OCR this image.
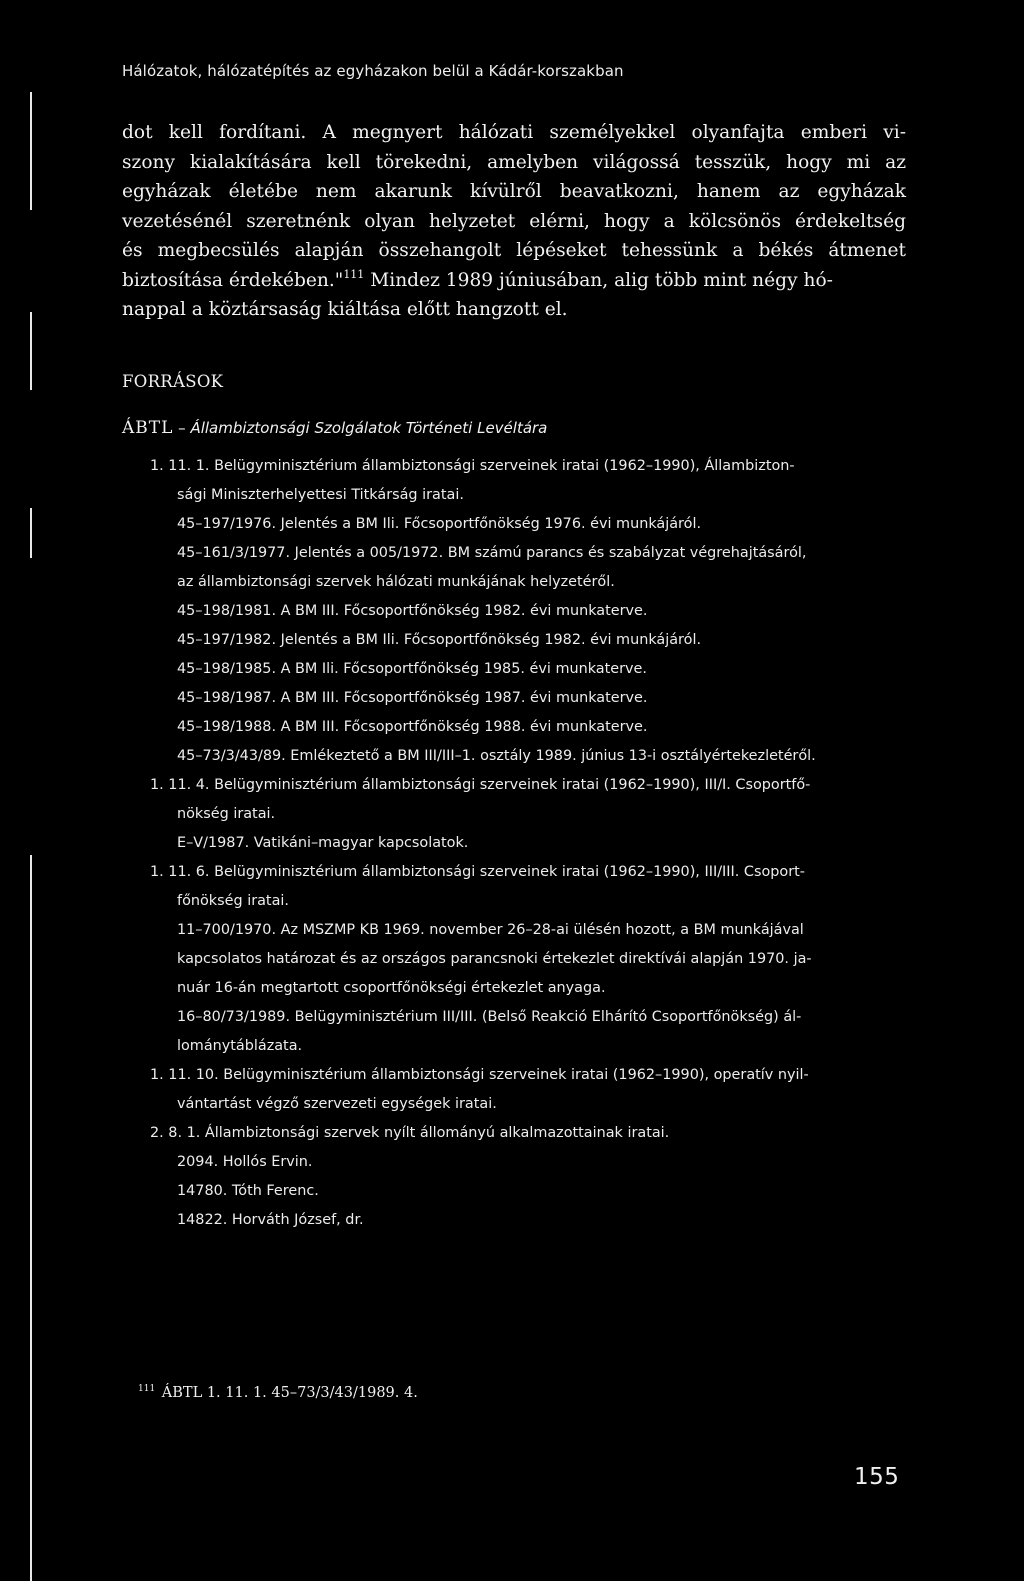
Hálózatok, hálózatépítés az egyházakon belül a Kádár-korszakban
dot kell fordítani. A megnyert hálózati személyekkel olyanfajta emberi vi-
szony kialakítására kell törekedni, amelyben világossá tesszük, hogy mi az
egyházak életébe nem akarunk kívülről beavatkozni, hanem az egyházak
vezetésénél szeretnénk olyan helyzetet elérni, hogy a kölcsönös érdekeltség
és megbecsülés alapján összehangolt lépéseket tehessünk a békés átmenet
biztosítása érdekében."$^{111}$ Mindez 1989 júniusában, alig több mint négy hó-
nappal a köztársaság kiáltása előtt hangzott el.
FORRÁSOK
ÁBTL – Állambiztonsági Szolgálatok Történeti Levéltára
1. 11. 1. Belügyminisztérium állambiztonsági szerveinek iratai (1962–1990), Állambizton-
sági Miniszterhelyettesi Titkárság iratai.
45–197/1976. Jelentés a BM Ili. Főcsoportfőnökség 1976. évi munkájáról.
45–161/3/1977. Jelentés a 005/1972. BM számú parancs és szabályzat végrehajtásáról,
az állambiztonsági szervek hálózati munkájának helyzetéről.
45–198/1981. A BM III. Főcsoportfőnökség 1982. évi munkaterve.
45–197/1982. Jelentés a BM Ili. Főcsoportfőnökség 1982. évi munkájáról.
45–198/1985. A BM Ili. Főcsoportfőnökség 1985. évi munkaterve.
45–198/1987. A BM III. Főcsoportfőnökség 1987. évi munkaterve.
45–198/1988. A BM III. Főcsoportfőnökség 1988. évi munkaterve.
45–73/3/43/89. Emlékeztető a BM III/III–1. osztály 1989. június 13-i osztályértekezletéről.
1. 11. 4. Belügyminisztérium állambiztonsági szerveinek iratai (1962–1990), III/I. Csoportfő-
nökség iratai.
E–V/1987. Vatikáni–magyar kapcsolatok.
1. 11. 6. Belügyminisztérium állambiztonsági szerveinek iratai (1962–1990), III/III. Csoport-
főnökség iratai.
11–700/1970. Az MSZMP KB 1969. november 26–28-ai ülésén hozott, a BM munkájával
kapcsolatos határozat és az országos parancsnoki értekezlet direktívái alapján 1970. ja-
nuár 16-án megtartott csoportfőnökségi értekezlet anyaga.
16–80/73/1989. Belügyminisztérium III/III. (Belső Reakció Elhárító Csoportfőnökség) ál-
lománytáblázata.
1. 11. 10. Belügyminisztérium állambiztonsági szerveinek iratai (1962–1990), operatív nyil-
vántartást végző szervezeti egységek iratai.
2. 8. 1. Állambiztonsági szervek nyílt állományú alkalmazottainak iratai.
2094. Hollós Ervin.
14780. Tóth Ferenc.
14822. Horváth József, dr.
$^{111}$ ÁBTL 1. 11. 1. 45–73/3/43/1989. 4.
155
